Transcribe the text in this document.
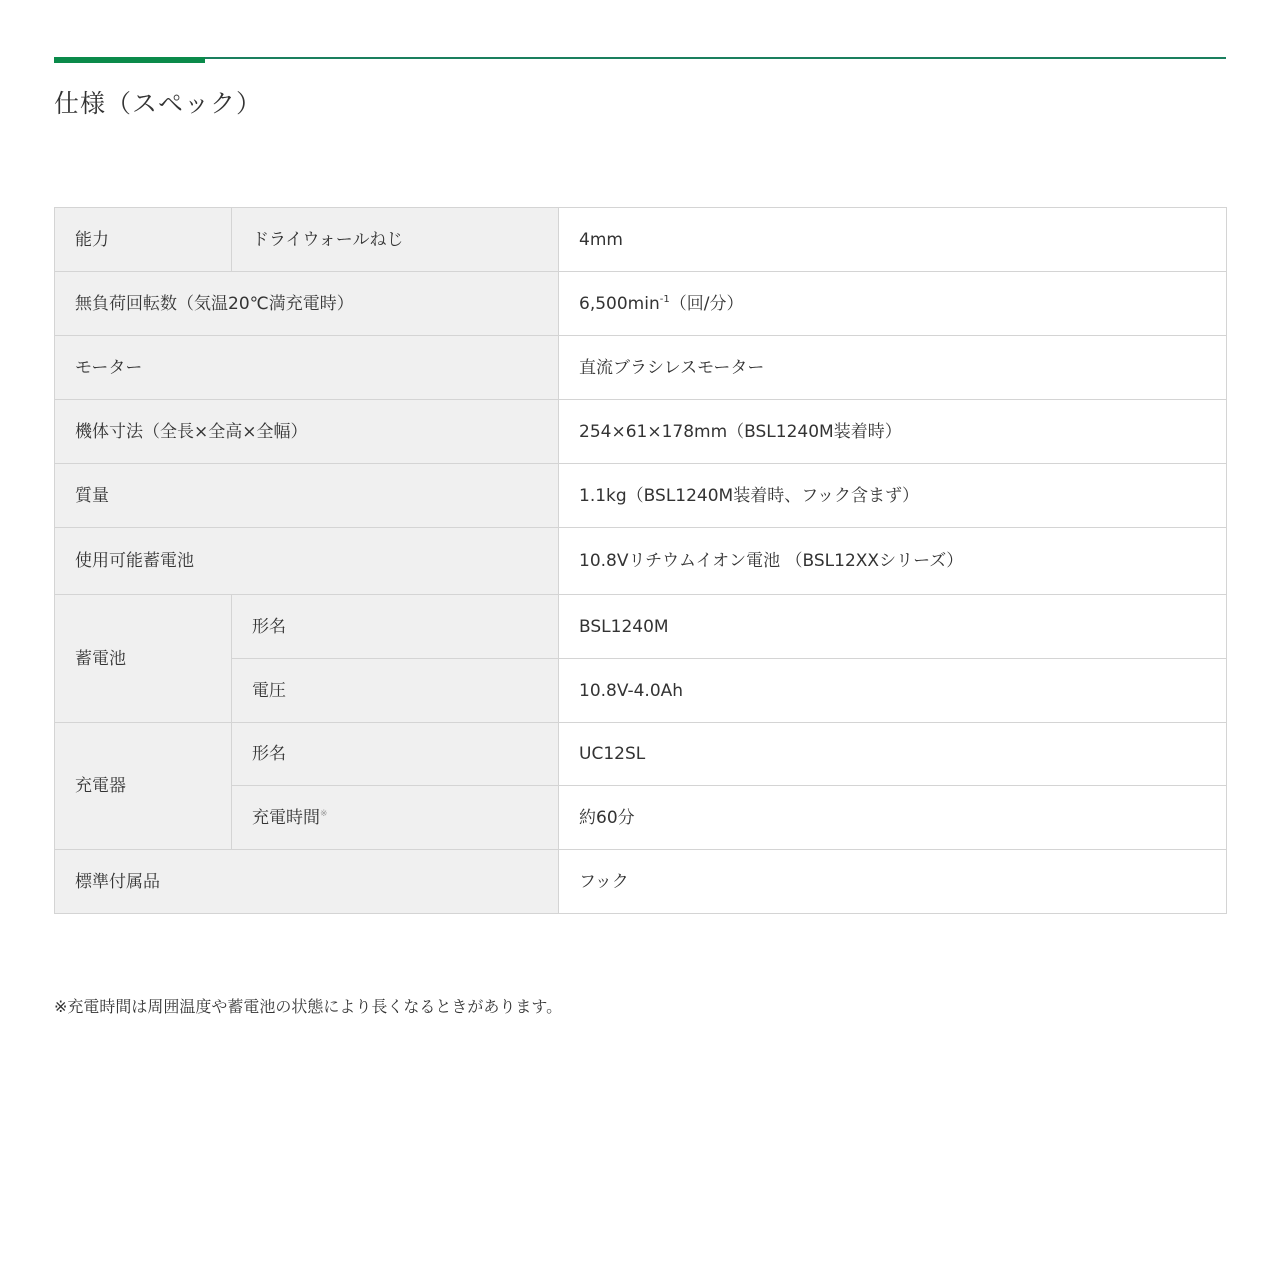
仕様（スペック）
能力	ドライウォールねじ	4mm
無負荷回転数（気温20℃満充電時）		$6,500\min^{-1}$（回/分）
モーター		直流ブラシレスモーター
機体寸法（全長×全高×全幅）		254×61×178mm（BSL1240M装着時）
質量		1.1kg（BSL1240M装着時、フック含まず）
使用可能蓄電池		10.8Vリチウムイオン電池 （BSL12XXシリーズ）
蓄電池	形名	BSL1240M
	電圧	10.8V-4.0Ah
充電器	形名	UC12SL
	充電時間※	約60分
標準付属品		フック

※充電時間は周囲温度や蓄電池の状態により長くなるときがあります。
